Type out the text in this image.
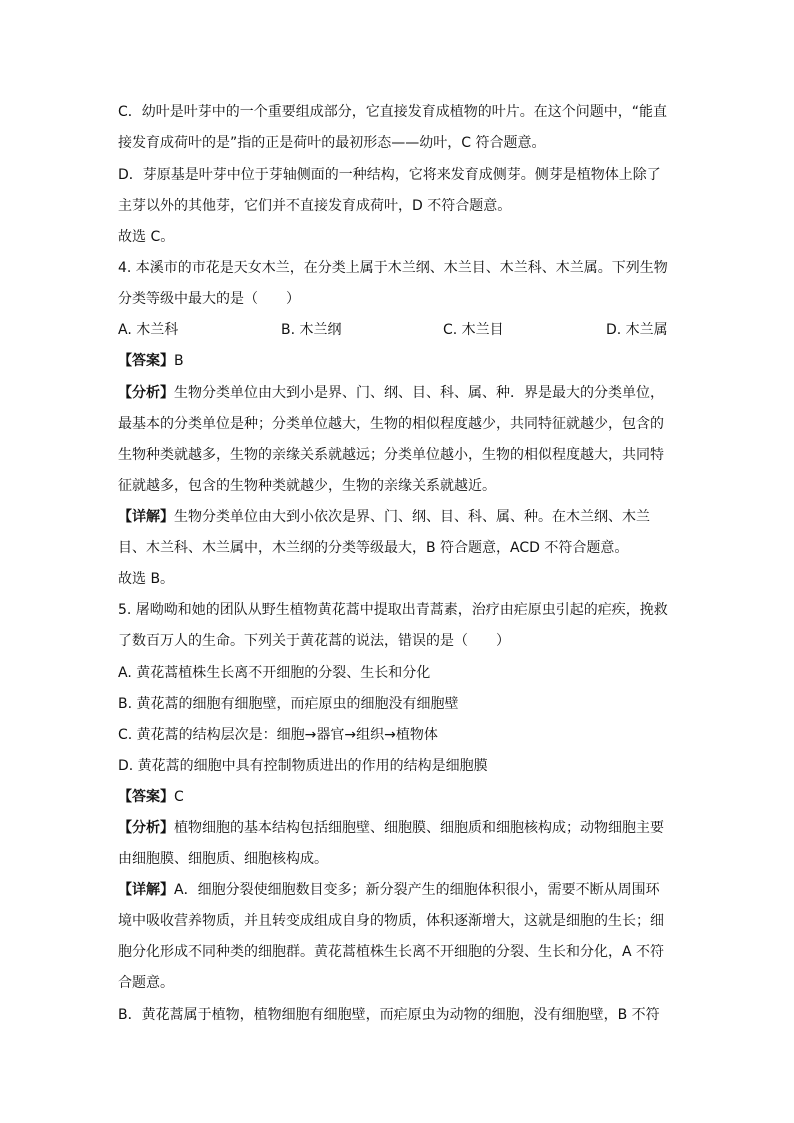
C．幼叶是叶芽中的一个重要组成部分，它直接发育成植物的叶片。在这个问题中，“能直
接发育成荷叶的是”指的正是荷叶的最初形态——幼叶，C 符合题意。
D．芽原基是叶芽中位于芽轴侧面的一种结构，它将来发育成侧芽。侧芽是植物体上除了
主芽以外的其他芽，它们并不直接发育成荷叶，D 不符合题意。
故选 C。
4. 本溪市的市花是天女木兰，在分类上属于木兰纲、木兰目、木兰科、木兰属。下列生物
分类等级中最大的是（　　）
A. 木兰科	B. 木兰纲	C. 木兰目	D. 木兰属
【答案】B
【分析】生物分类单位由大到小是界、门、纲、目、科、属、种．界是最大的分类单位，
最基本的分类单位是种；分类单位越大，生物的相似程度越少，共同特征就越少，包含的
生物种类就越多，生物的亲缘关系就越远；分类单位越小，生物的相似程度越大，共同特
征就越多，包含的生物种类就越少，生物的亲缘关系就越近。
【详解】生物分类单位由大到小依次是界、门、纲、目、科、属、种。在木兰纲、木兰
目、木兰科、木兰属中，木兰纲的分类等级最大，B 符合题意，ACD 不符合题意。
故选 B。
5. 屠呦呦和她的团队从野生植物黄花蒿中提取出青蒿素，治疗由疟原虫引起的疟疾，挽救
了数百万人的生命。下列关于黄花蒿的说法，错误的是（　　）
A. 黄花蒿植株生长离不开细胞的分裂、生长和分化
B. 黄花蒿的细胞有细胞壁，而疟原虫的细胞没有细胞壁
C. 黄花蒿的结构层次是：细胞→器官→组织→植物体
D. 黄花蒿的细胞中具有控制物质进出的作用的结构是细胞膜
【答案】C
【分析】植物细胞的基本结构包括细胞壁、细胞膜、细胞质和细胞核构成；动物细胞主要
由细胞膜、细胞质、细胞核构成。
【详解】A．细胞分裂使细胞数目变多；新分裂产生的细胞体积很小，需要不断从周围环
境中吸收营养物质，并且转变成组成自身的物质，体积逐渐增大，这就是细胞的生长；细
胞分化形成不同种类的细胞群。黄花蒿植株生长离不开细胞的分裂、生长和分化，A 不符
合题意。
B．黄花蒿属于植物，植物细胞有细胞壁，而疟原虫为动物的细胞，没有细胞壁，B 不符
